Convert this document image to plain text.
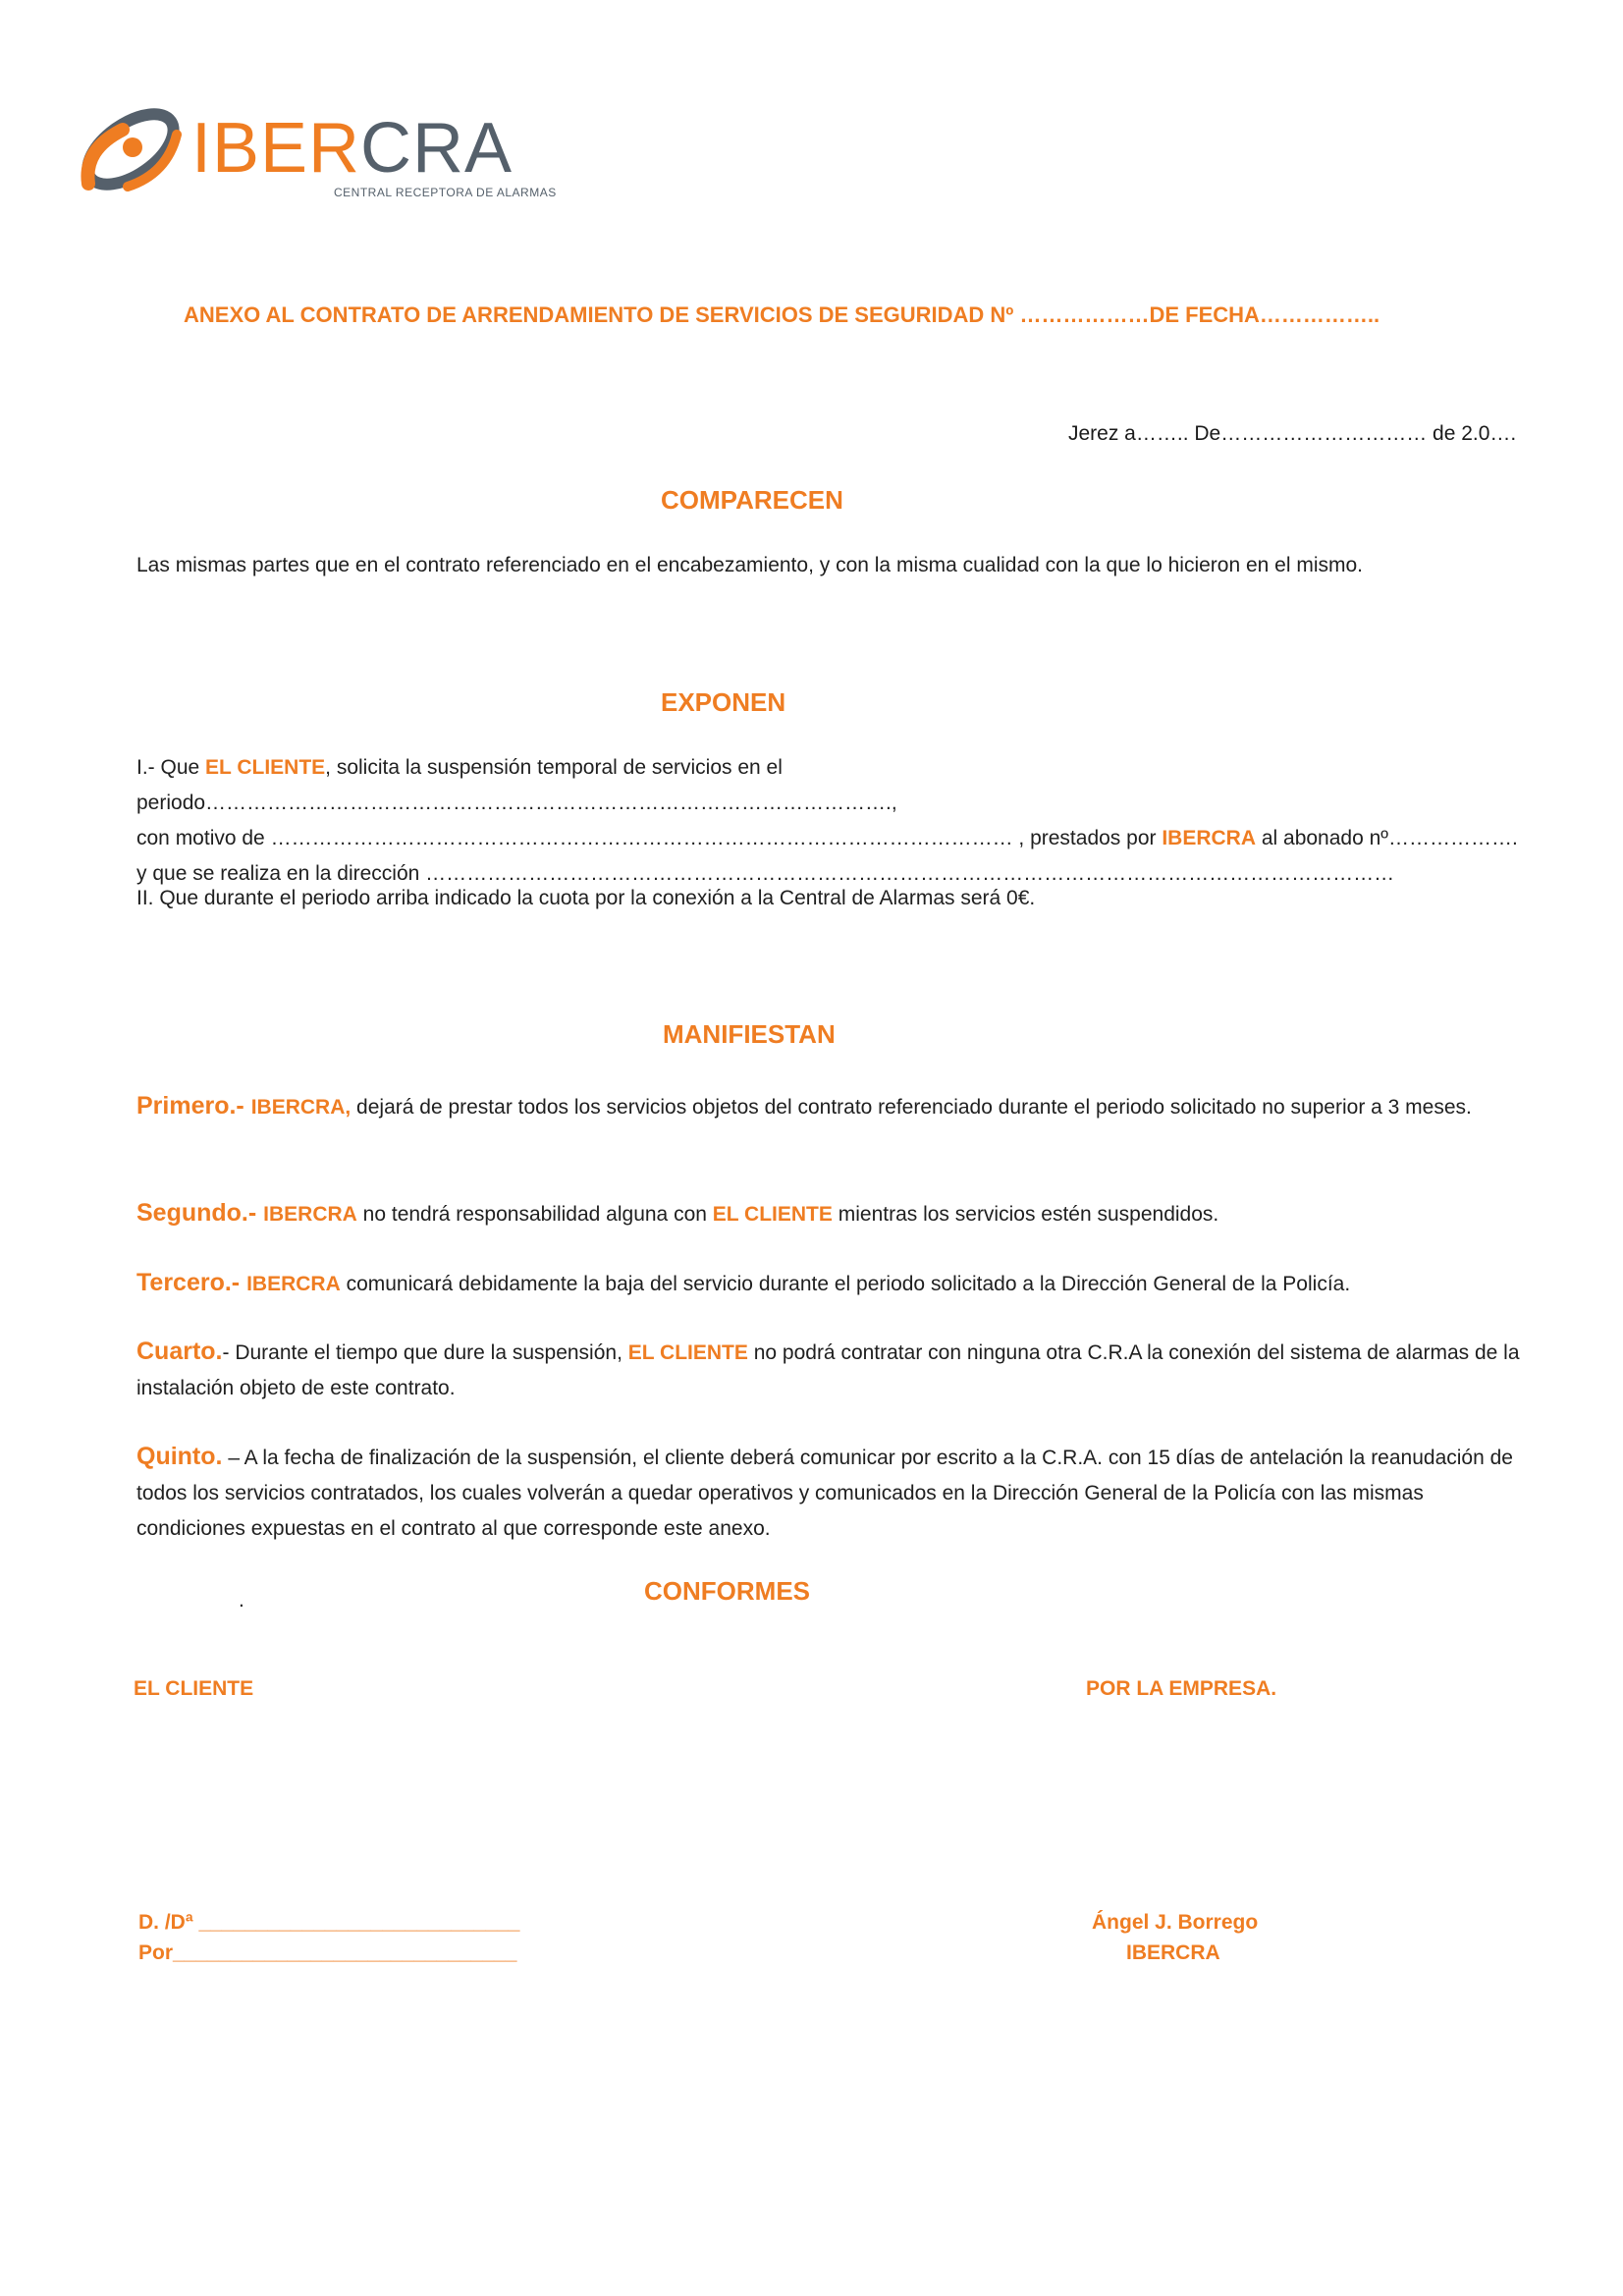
IBERCRA
CENTRAL RECEPTORA DE ALARMAS
ANEXO AL CONTRATO DE ARRENDAMIENTO DE SERVICIOS DE SEGURIDAD Nº ………………DE FECHA……………..
Jerez a…….. De………………………… de 2.0….
COMPARECEN

Las mismas partes que en el contrato referenciado en el encabezamiento, y con la misma cualidad con la que lo hicieron en el mismo.

EXPONEN
I.- Que EL CLIENTE, solicita la suspensión temporal de servicios en el periodo……………………………………………………………………………………….,
con motivo de ……………………………………………………………………………………………… , prestados por IBERCRA al abonado nº……………….
y que se realiza en la dirección ……………………………………………………………………………………………………………………………

II. Que durante el periodo arriba indicado la cuota por la conexión a la Central de Alarmas será 0€.

MANIFIESTAN

Primero.- IBERCRA, dejará de prestar todos los servicios objetos del contrato referenciado durante el periodo solicitado no superior a 3 meses.

Segundo.- IBERCRA no tendrá responsabilidad alguna con EL CLIENTE mientras los servicios estén suspendidos.

Tercero.- IBERCRA comunicará debidamente la baja del servicio durante el periodo solicitado a la Dirección General de la Policía.

Cuarto.- Durante el tiempo que dure la suspensión, EL CLIENTE no podrá contratar con ninguna otra C.R.A la conexión del sistema de alarmas de la instalación objeto de este contrato.

Quinto. – A la fecha de finalización de la suspensión, el cliente deberá comunicar por escrito a la C.R.A. con 15 días de antelación la reanudación de todos los servicios contratados, los cuales volverán a quedar operativos y comunicados en la Dirección General de la Policía con las mismas condiciones expuestas en el contrato al que corresponde este anexo.

.	CONFORMES
EL CLIENTE	POR LA EMPRESA.
D. /Dª ____________________________
Por______________________________
Ángel J. Borrego
IBERCRA
